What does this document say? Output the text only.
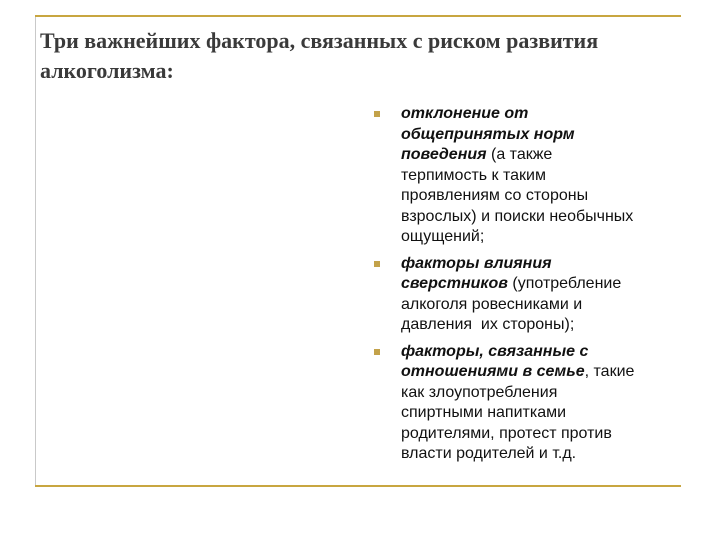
Три важнейших фактора, связанных с риском развития
алкоголизма:
отклонение от
общепринятых норм
поведения (а также
терпимость к таким
проявлениям со стороны
взрослых) и поиски необычных
ощущений;
факторы влияния
сверстников (употребление
алкоголя ровесниками и
давления  их стороны);
факторы, связанные с
отношениями в семье, такие
как злоупотребления
спиртными напитками
родителями, протест против
власти родителей и т.д.
